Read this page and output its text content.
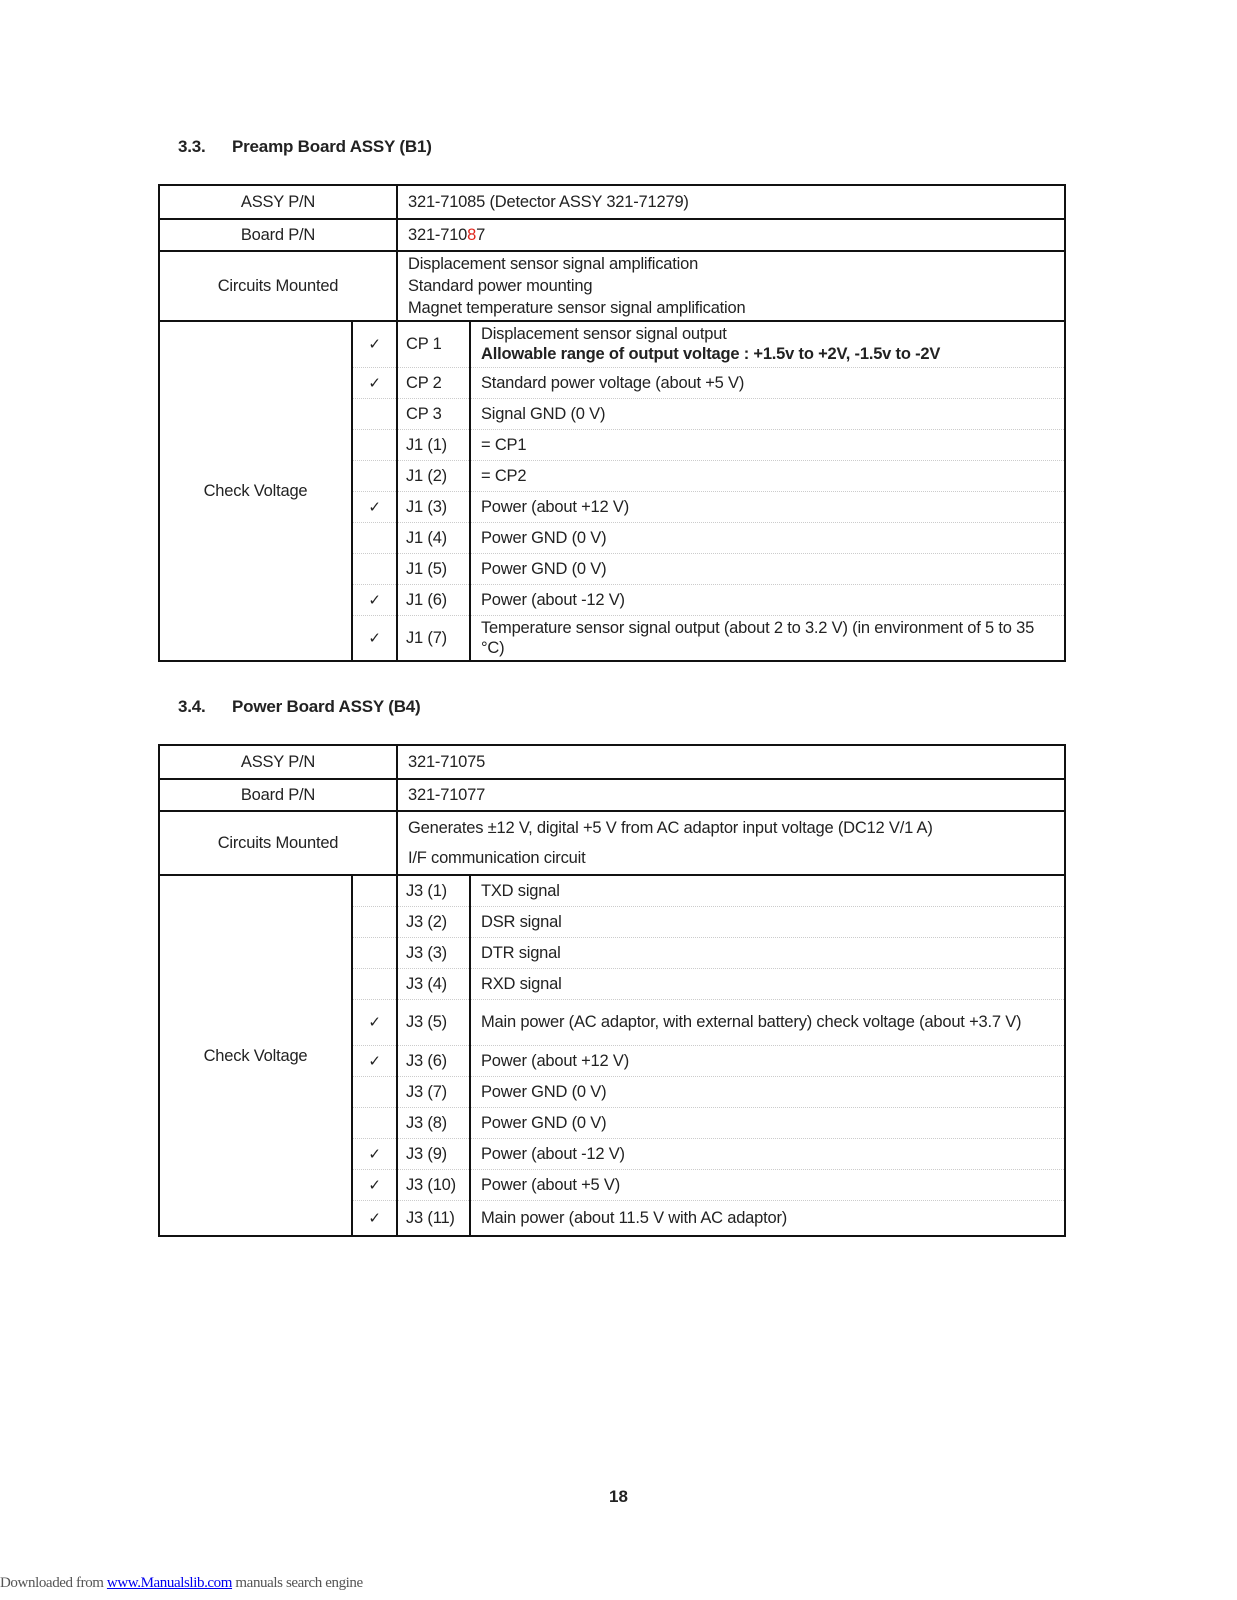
3.3. Preamp Board ASSY (B1)
ASSY P/N		321-71085 (Detector ASSY 321-71279)	
Board P/N		321-71087	
Circuits Mounted		Displacement sensor signal amplification
Standard power mounting
Magnet temperature sensor signal amplification	

Check Voltage	✓	CP 1	Displacement sensor signal output
Allowable range of output voltage : +1.5v to +2V, -1.5v to -2V

	✓	CP 2	Standard power voltage (about +5 V)

		CP 3	Signal GND (0 V)

		J1 (1)	= CP1

		J1 (2)	= CP2

	✓	J1 (3)	Power (about +12 V)

		J1 (4)	Power GND (0 V)

		J1 (5)	Power GND (0 V)

	✓	J1 (6)	Power (about -12 V)

	✓	J1 (7)	Temperature sensor signal output (about 2 to 3.2 V) (in environment of 5 to 35 °C)
3.4. Power Board ASSY (B4)
ASSY P/N		321-71075	
Board P/N		321-71077	
Circuits Mounted		Generates ±12 V, digital +5 V from AC adaptor input voltage (DC12 V/1 A)
I/F communication circuit	

Check Voltage		J3 (1)	TXD signal

		J3 (2)	DSR signal

		J3 (3)	DTR signal

		J3 (4)	RXD signal

	✓	J3 (5)	Main power (AC adaptor, with external battery) check voltage (about +3.7 V)

	✓	J3 (6)	Power (about +12 V)

		J3 (7)	Power GND (0 V)

		J3 (8)	Power GND (0 V)

	✓	J3 (9)	Power (about -12 V)

	✓	J3 (10)	Power (about +5 V)

	✓	J3 (11)	Main power (about 11.5 V with AC adaptor)
18
Downloaded from www.Manualslib.com manuals search engine
